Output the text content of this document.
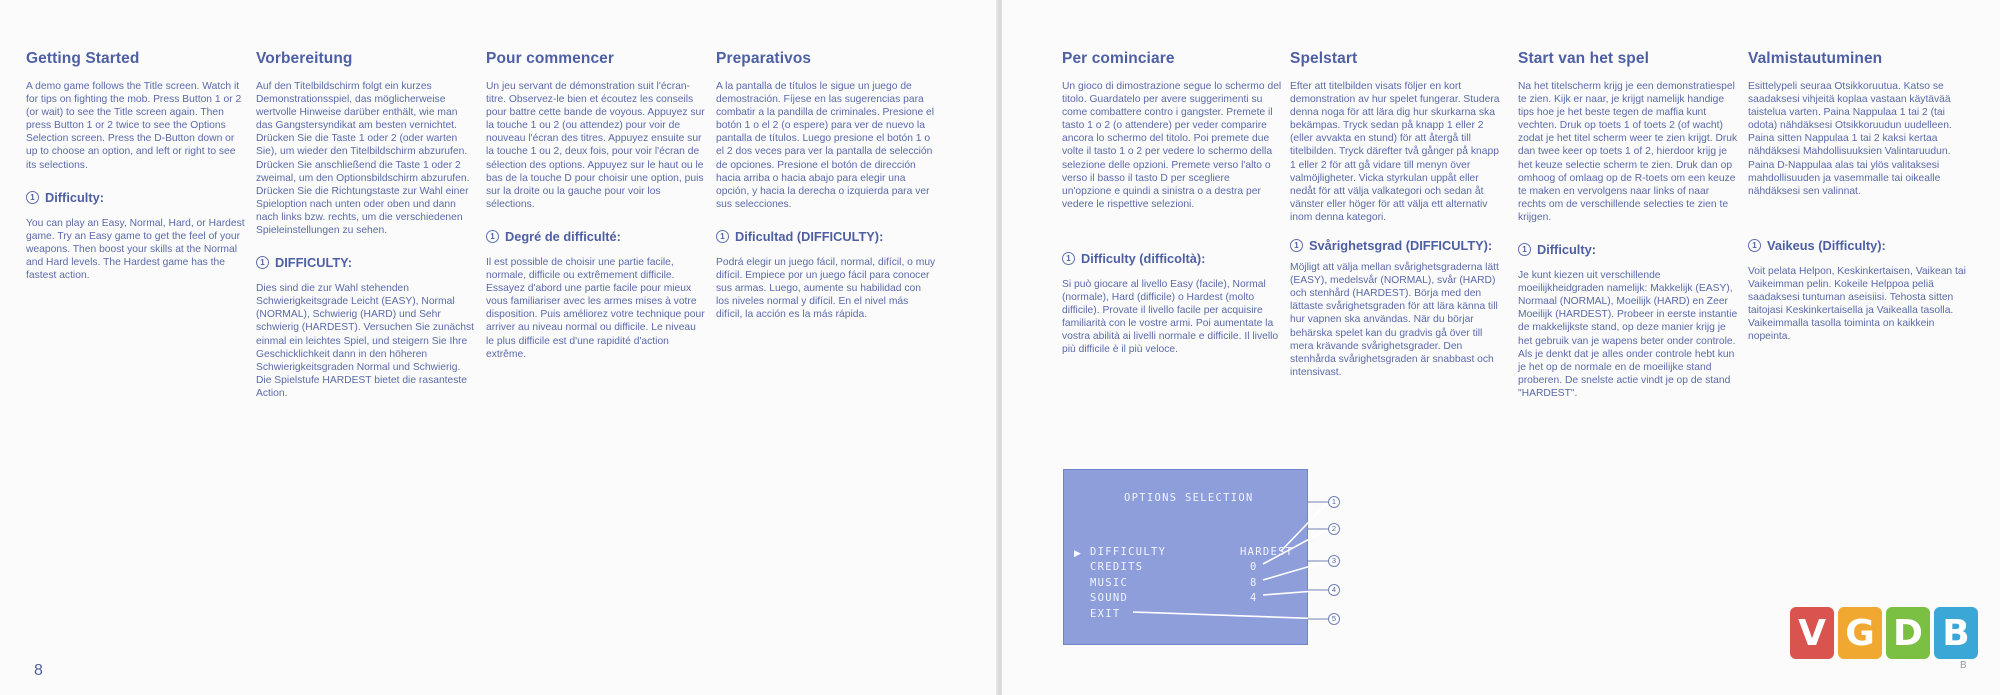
Getting Started

A demo game follows the Title screen. Watch it for tips on fighting the mob. Press Button 1 or 2 (or wait) to see the Title screen again. Then press Button 1 or 2 twice to see the Options Selection screen. Press the D-Button down or up to choose an option, and left or right to see its selections.

1 Difficulty:

You can play an Easy, Normal, Hard, or Hardest game. Try an Easy game to get the feel of your weapons. Then boost your skills at the Normal and Hard levels. The Hardest game has the fastest action.

Vorbereitung

Auf den Titelbildschirm folgt ein kurzes Demonstrationsspiel, das möglicherweise wertvolle Hinweise darüber enthält, wie man das Gangstersyndikat am besten vernichtet. Drücken Sie die Taste 1 oder 2 (oder warten Sie), um wieder den Titelbildschirm abzurufen. Drücken Sie anschließend die Taste 1 oder 2 zweimal, um den Optionsbildschirm abzurufen. Drücken Sie die Richtungstaste zur Wahl einer Spieloption nach unten oder oben und dann nach links bzw. rechts, um die verschiedenen Spieleinstellungen zu sehen.

1 DIFFICULTY:

Dies sind die zur Wahl stehenden Schwierigkeitsgrade Leicht (EASY), Normal (NORMAL), Schwierig (HARD) und Sehr schwierig (HARDEST). Versuchen Sie zunächst einmal ein leichtes Spiel, und steigern Sie Ihre Geschicklichkeit dann in den höheren Schwierigkeitsgraden Normal und Schwierig. Die Spielstufe HARDEST bietet die rasanteste Action.

Pour commencer

Un jeu servant de démonstration suit l'écran-titre. Observez-le bien et écoutez les conseils pour battre cette bande de voyous. Appuyez sur la touche 1 ou 2 (ou attendez) pour voir de nouveau l'écran des titres. Appuyez ensuite sur la touche 1 ou 2, deux fois, pour voir l'écran de sélection des options. Appuyez sur le haut ou le bas de la touche D pour choisir une option, puis sur la droite ou la gauche pour voir los sélections.

1 Degré de difficulté:

Il est possible de choisir une partie facile, normale, difficile ou extrêmement difficile. Essayez d'abord une partie facile pour mieux vous familiariser avec les armes mises à votre disposition. Puis améliorez votre technique pour arriver au niveau normal ou difficile. Le niveau le plus difficile est d'une rapidité d'action extrême.

Preparativos

A la pantalla de títulos le sigue un juego de demostración. Fíjese en las sugerencias para combatir a la pandilla de criminales. Presione el botón 1 o el 2 (o espere) para ver de nuevo la pantalla de títulos. Luego presione el botón 1 o el 2 dos veces para ver la pantalla de selección de opciones. Presione el botón de dirección hacia arriba o hacia abajo para elegir una opción, y hacia la derecha o izquierda para ver sus selecciones.

1 Dificultad (DIFFICULTY):

Podrá elegir un juego fácil, normal, difícil, o muy difícil. Empiece por un juego fácil para conocer sus armas. Luego, aumente su habilidad con los niveles normal y difícil. En el nivel más difícil, la acción es la más rápida.

8
Per cominciare

Un gioco di dimostrazione segue lo schermo del titolo. Guardatelo per avere suggerimenti su come combattere contro i gangster. Premete il tasto 1 o 2 (o attendere) per veder comparire ancora lo schermo del titolo. Poi premete due volte il tasto 1 o 2 per vedere lo schermo della selezione delle opzioni. Premete verso l'alto o verso il basso il tasto D per scegliere un'opzione e quindi a sinistra o a destra per vedere le rispettive selezioni.

1 Difficulty (difficoltà):

Si può giocare al livello Easy (facile), Normal (normale), Hard (difficile) o Hardest (molto difficile). Provate il livello facile per acquisire familiarità con le vostre armi. Poi aumentate la vostra abilità ai livelli normale e difficile. Il livello più difficile è il più veloce.

Spelstart

Efter att titelbilden visats följer en kort demonstration av hur spelet fungerar. Studera denna noga för att lära dig hur skurkarna ska bekämpas. Tryck sedan på knapp 1 eller 2 (eller avvakta en stund) för att återgå till titelbilden. Tryck därefter två gånger på knapp 1 eller 2 för att gå vidare till menyn över valmöjligheter. Vicka styrkulan uppåt eller nedåt för att välja valkategori och sedan åt vänster eller höger för att välja ett alternativ inom denna kategori.

1 Svårighetsgrad (DIFFICULTY):

Möjligt att välja mellan svårighetsgraderna lätt (EASY), medelsvår (NORMAL), svår (HARD) och stenhård (HARDEST). Börja med den lättaste svårighetsgraden för att lära känna till hur vapnen ska användas. När du börjar behärska spelet kan du gradvis gå över till mera krävande svårighetsgrader. Den stenhårda svårighetsgraden är snabbast och intensivast.

Start van het spel

Na het titelscherm krijg je een demonstratiespel te zien. Kijk er naar, je krijgt namelijk handige tips hoe je het beste tegen de maffia kunt vechten. Druk op toets 1 of toets 2 (of wacht) zodat je het titel scherm weer te zien krijgt. Druk dan twee keer op toets 1 of 2, hierdoor krijg je het keuze selectie scherm te zien. Druk dan op omhoog of omlaag op de R-toets om een keuze te maken en vervolgens naar links of naar rechts om de verschillende selecties te zien te krijgen.

1 Difficulty:

Je kunt kiezen uit verschillende moeilijkheidgraden namelijk: Makkelijk (EASY), Normaal (NORMAL), Moeilijk (HARD) en Zeer Moeilijk (HARDEST). Probeer in eerste instantie de makkelijkste stand, op deze manier krijg je het gebruik van je wapens beter onder controle. Als je denkt dat je alles onder controle hebt kun je het op de normale en de moeilijke stand proberen. De snelste actie vindt je op de stand "HARDEST".

Valmistautuminen

Esittelypeli seuraa Otsikkoruutua. Katso se saadaksesi vihjeitä koplaa vastaan käytävää taistelua varten. Paina Nappulaa 1 tai 2 (tai odota) nähdäksesi Otsikkoruudun uudelleen. Paina sitten Nappulaa 1 tai 2 kaksi kertaa nähdäksesi Mahdollisuuksien Valintaruudun. Paina D-Nappulaa alas tai ylös valitaksesi mahdollisuuden ja vasemmalle tai oikealle nähdäksesi sen valinnat.

1 Vaikeus (Difficulty):

Voit pelata Helpon, Keskinkertaisen, Vaikean tai Vaikeimman pelin. Kokeile Helppoa peliä saadaksesi tuntuman aseisiisi. Tehosta sitten taitojasi Keskinkertaisella ja Vaikealla tasolla. Vaikeimmalla tasolla toiminta on kaikkein nopeinta.

OPTIONS SELECTION
▶ DIFFICULTY	HARDEST
CREDITS	0
MUSIC	8
SOUND	4
EXIT
1
2
3
4
5	V G D B
B
